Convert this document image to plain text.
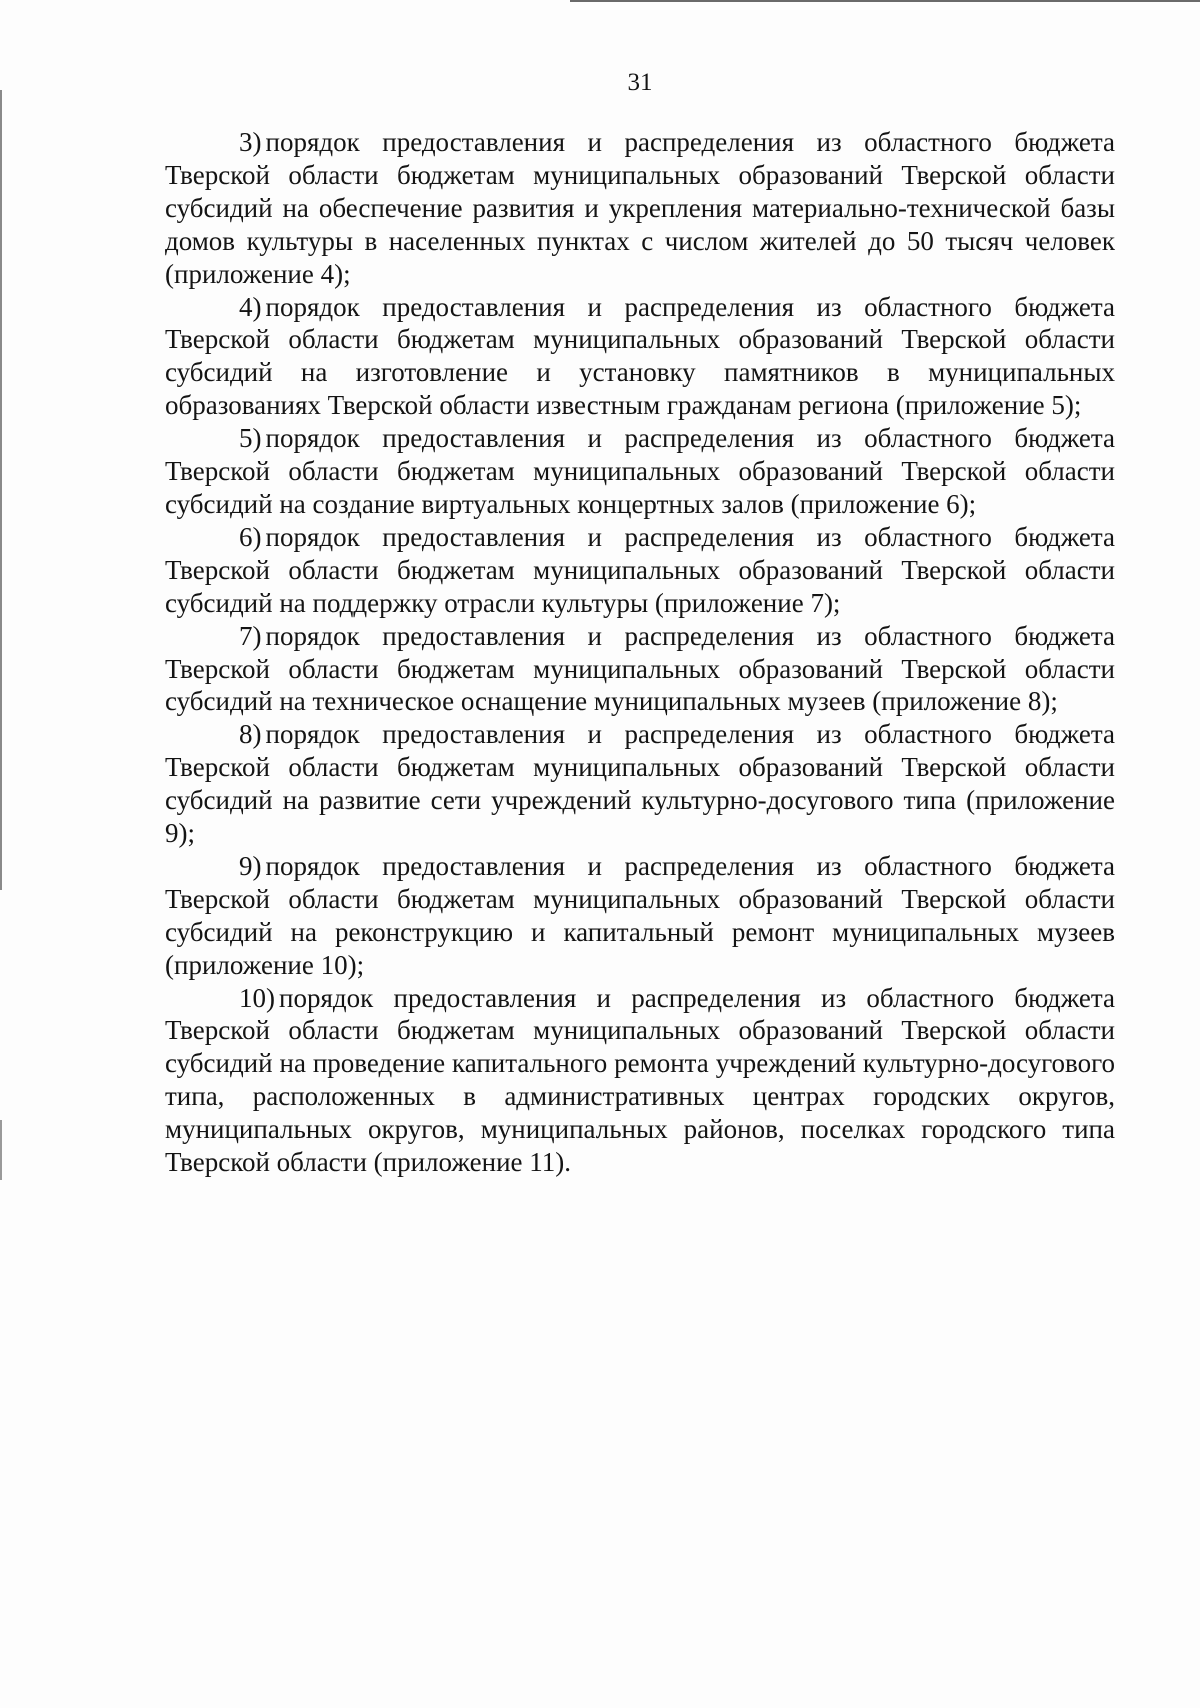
31

3) порядок предоставления и распределения из областного бюджета Тверской области бюджетам муниципальных образований Тверской области субсидий на обеспечение развития и укрепления материально-технической базы домов культуры в населенных пунктах с числом жителей до 50 тысяч человек (приложение 4);

4) порядок предоставления и распределения из областного бюджета Тверской области бюджетам муниципальных образований Тверской области субсидий на изготовление и установку памятников в муниципальных образованиях Тверской области известным гражданам региона (приложение 5);

5) порядок предоставления и распределения из областного бюджета Тверской области бюджетам муниципальных образований Тверской области субсидий на создание виртуальных концертных залов (приложение 6);

6) порядок предоставления и распределения из областного бюджета Тверской области бюджетам муниципальных образований Тверской области субсидий на поддержку отрасли культуры (приложение 7);

7) порядок предоставления и распределения из областного бюджета Тверской области бюджетам муниципальных образований Тверской области субсидий на техническое оснащение муниципальных музеев (приложение 8);

8) порядок предоставления и распределения из областного бюджета Тверской области бюджетам муниципальных образований Тверской области субсидий на развитие сети учреждений культурно-досугового типа (приложение 9);

9) порядок предоставления и распределения из областного бюджета Тверской области бюджетам муниципальных образований Тверской области субсидий на реконструкцию и капитальный ремонт муниципальных музеев (приложение 10);

10) порядок предоставления и распределения из областного бюджета Тверской области бюджетам муниципальных образований Тверской области субсидий на проведение капитального ремонта учреждений культурно-досугового типа, расположенных в административных центрах городских округов, муниципальных округов, муниципальных районов, поселках городского типа Тверской области (приложение 11).
